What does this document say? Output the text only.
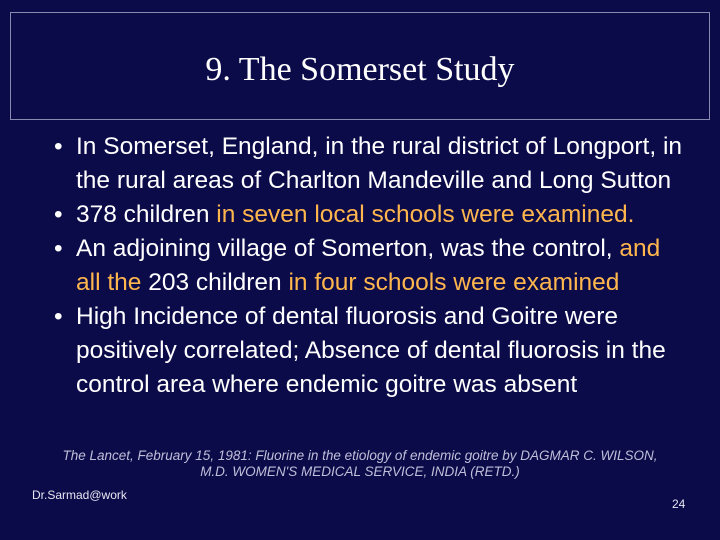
9. The Somerset Study
• In Somerset, England, in the rural district of Longport, in the rural areas of Charlton Mandeville and Long Sutton
• 378 children in seven local schools were examined.
• An adjoining village of Somerton, was the control, and all the 203 children in four schools were examined
• High Incidence of dental fluorosis and Goitre were positively correlated; Absence of dental fluorosis in the control area where endemic goitre was absent
The Lancet, February 15, 1981: Fluorine in the etiology of endemic goitre by DAGMAR C. WILSON, M.D. WOMEN'S MEDICAL SERVICE, INDIA (RETD.)
Dr.Sarmad@work
24
